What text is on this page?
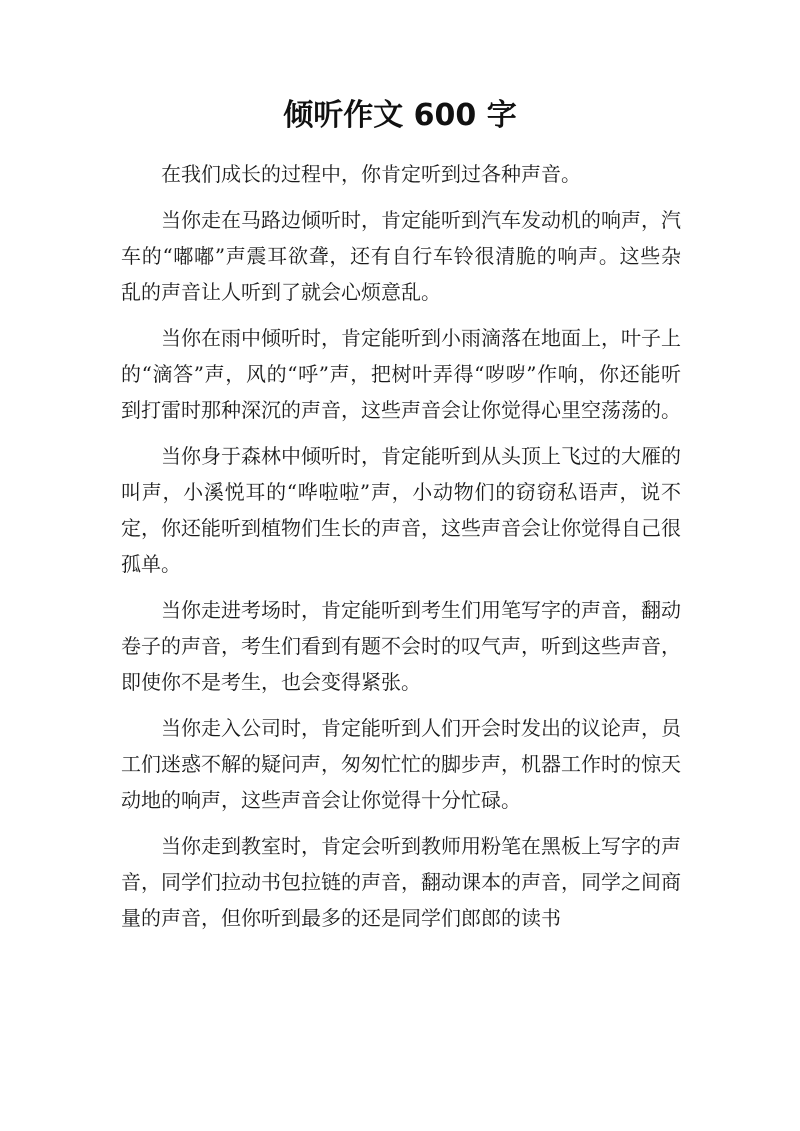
倾听作文 600 字

在我们成长的过程中，你肯定听到过各种声音。

当你走在马路边倾听时，肯定能听到汽车发动机的响声，汽车的“嘟嘟”声震耳欲聋，还有自行车铃很清脆的响声。这些杂乱的声音让人听到了就会心烦意乱。

当你在雨中倾听时，肯定能听到小雨滴落在地面上，叶子上的“滴答”声，风的“呼”声，把树叶弄得“哕哕”作响，你还能听到打雷时那种深沉的声音，这些声音会让你觉得心里空荡荡的。

当你身于森林中倾听时，肯定能听到从头顶上飞过的大雁的叫声，小溪悦耳的“哗啦啦”声，小动物们的窃窃私语声，说不定，你还能听到植物们生长的声音，这些声音会让你觉得自己很孤单。

当你走进考场时，肯定能听到考生们用笔写字的声音，翻动卷子的声音，考生们看到有题不会时的叹气声，听到这些声音，即使你不是考生，也会变得紧张。

当你走入公司时，肯定能听到人们开会时发出的议论声，员工们迷惑不解的疑问声，匆匆忙忙的脚步声，机器工作时的惊天动地的响声，这些声音会让你觉得十分忙碌。

当你走到教室时，肯定会听到教师用粉笔在黑板上写字的声音，同学们拉动书包拉链的声音，翻动课本的声音，同学之间商量的声音，但你听到最多的还是同学们郎郎的读书
